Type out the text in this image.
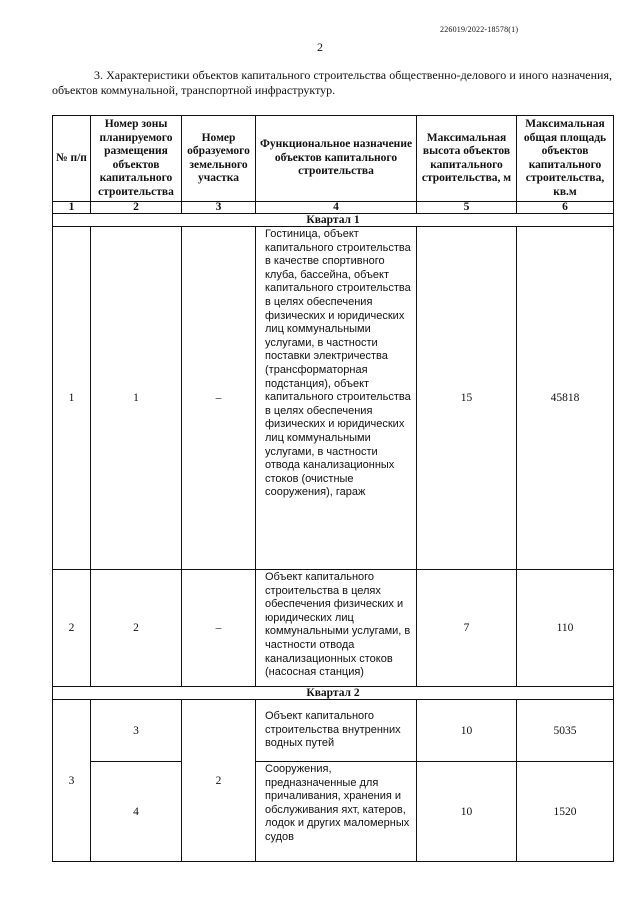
226019/2022-18578(1)
2
3. Характеристики объектов капитального строительства общественно-делового и иного назначения, объектов коммунальной, транспортной инфраструктур.
№ п/п	Номер зоны планируемого размещения объектов капитального строительства	Номер образуемого земельного участка	Функциональное назначение объектов капитального строительства	Максимальная высота объектов капитального строительства, м	Максимальная общая площадь объектов капитального строительства, кв.м
1	2	3	4	5	6
Квартал 1					
1	1	–	Гостиница, объект капитального строительства в качестве спортивного клуба, бассейна, объект капитального строительства в целях обеспечения физических и юридических лиц коммунальными услугами, в частности поставки электричества (трансформаторная подстанция), объект капитального строительства в целях обеспечения физических и юридических лиц коммунальными услугами, в частности отвода канализационных стоков (очистные сооружения), гараж	15	45818
2	2	–	Объект капитального строительства в целях обеспечения физических и юридических лиц коммунальными услугами, в частности отвода канализационных стоков (насосная станция)	7	110
Квартал 2					
3	3	2	Объект капитального строительства внутренних водных путей	10	5035
	4		Сооружения, предназначенные для причаливания, хранения и обслуживания яхт, катеров, лодок и других маломерных судов	10	1520
